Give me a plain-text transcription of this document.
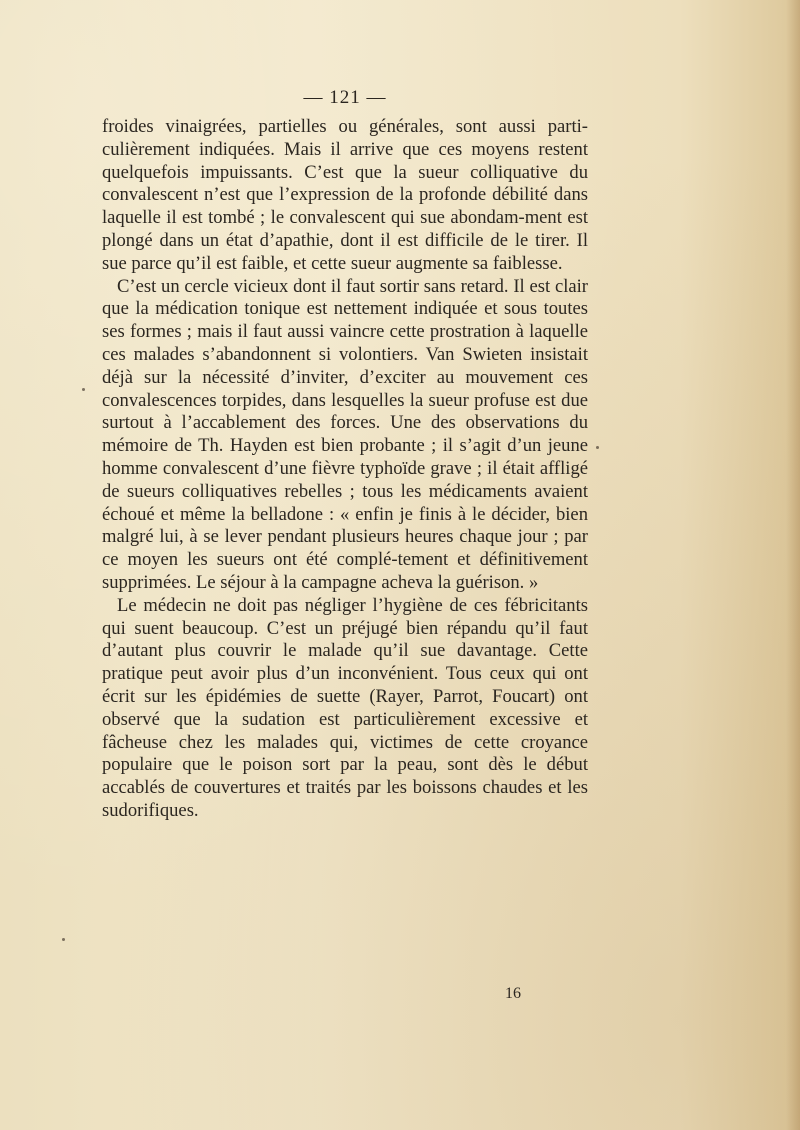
— 121 —

froides vinaigrées, partielles ou générales, sont aussi parti-culièrement indiquées. Mais il arrive que ces moyens restent quelquefois impuissants. C’est que la sueur colliquative du convalescent n’est que l’expression de la profonde débilité dans laquelle il est tombé ; le convalescent qui sue abondam-ment est plongé dans un état d’apathie, dont il est difficile de le tirer. Il sue parce qu’il est faible, et cette sueur augmente sa faiblesse.

C’est un cercle vicieux dont il faut sortir sans retard. Il est clair que la médication tonique est nettement indiquée et sous toutes ses formes ; mais il faut aussi vaincre cette prostration à laquelle ces malades s’abandonnent si volontiers. Van Swieten insistait déjà sur la nécessité d’inviter, d’exciter au mouvement ces convalescences torpides, dans lesquelles la sueur profuse est due surtout à l’accablement des forces. Une des observations du mémoire de Th. Hayden est bien probante ; il s’agit d’un jeune homme convalescent d’une fièvre typhoïde grave ; il était affligé de sueurs colliquatives rebelles ; tous les médicaments avaient échoué et même la belladone : « enfin je finis à le décider, bien malgré lui, à se lever pendant plusieurs heures chaque jour ; par ce moyen les sueurs ont été complé-tement et définitivement supprimées. Le séjour à la campagne acheva la guérison. »

Le médecin ne doit pas négliger l’hygiène de ces fébricitants qui suent beaucoup. C’est un préjugé bien répandu qu’il faut d’autant plus couvrir le malade qu’il sue davantage. Cette pratique peut avoir plus d’un inconvénient. Tous ceux qui ont écrit sur les épidémies de suette (Rayer, Parrot, Foucart) ont observé que la sudation est particulièrement excessive et fâcheuse chez les malades qui, victimes de cette croyance populaire que le poison sort par la peau, sont dès le début accablés de couvertures et traités par les boissons chaudes et les sudorifiques.

16
